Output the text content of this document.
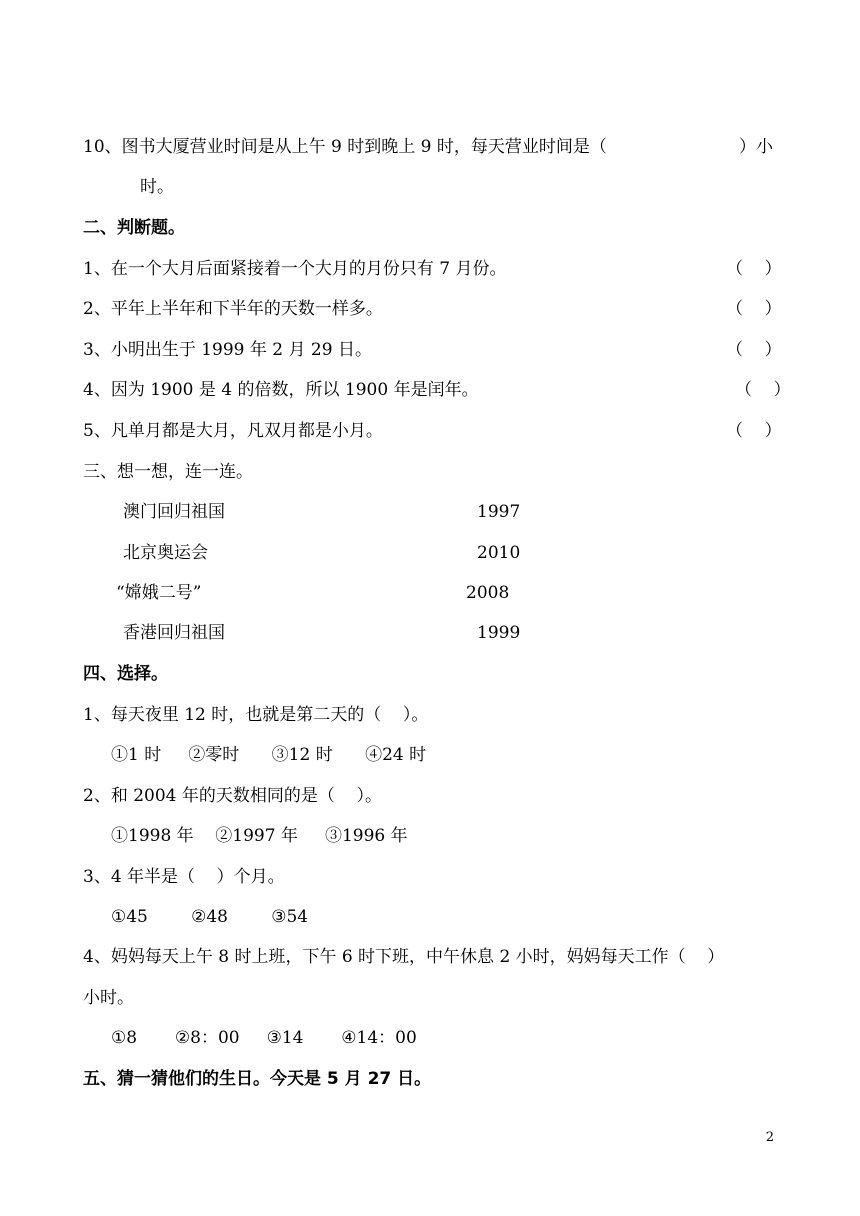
10、图书大厦营业时间是从上午 9 时到晚上 9 时，每天营业时间是（	）小
时。
二、判断题。
1、在一个大月后面紧接着一个大月的月份只有 7 月份。	（    ）
2、平年上半年和下半年的天数一样多。	（    ）
3、小明出生于 1999 年 2 月 29 日。	（    ）
4、因为 1900 是 4 的倍数，所以 1900 年是闰年。	（    ）
5、凡单月都是大月，凡双月都是小月。	（    ）
三、想一想，连一连。
澳门回归祖国	1997
北京奥运会	2010
“嫦娥二号”	2008
香港回归祖国	1999
四、选择。
1、每天夜里 12 时，也就是第二天的（    ）。
①1 时     ②零时      ③12 时      ④24 时
2、和 2004 年的天数相同的是（    ）。
①1998 年    ②1997 年     ③1996 年
3、4 年半是（    ）个月。
①45        ②48        ③54
4、妈妈每天上午 8 时上班，下午 6 时下班，中午休息 2 小时，妈妈每天工作（    ）
小时。
①8       ②8：00     ③14       ④14：00
五、猜一猜他们的生日。今天是 5 月 27 日。
2
